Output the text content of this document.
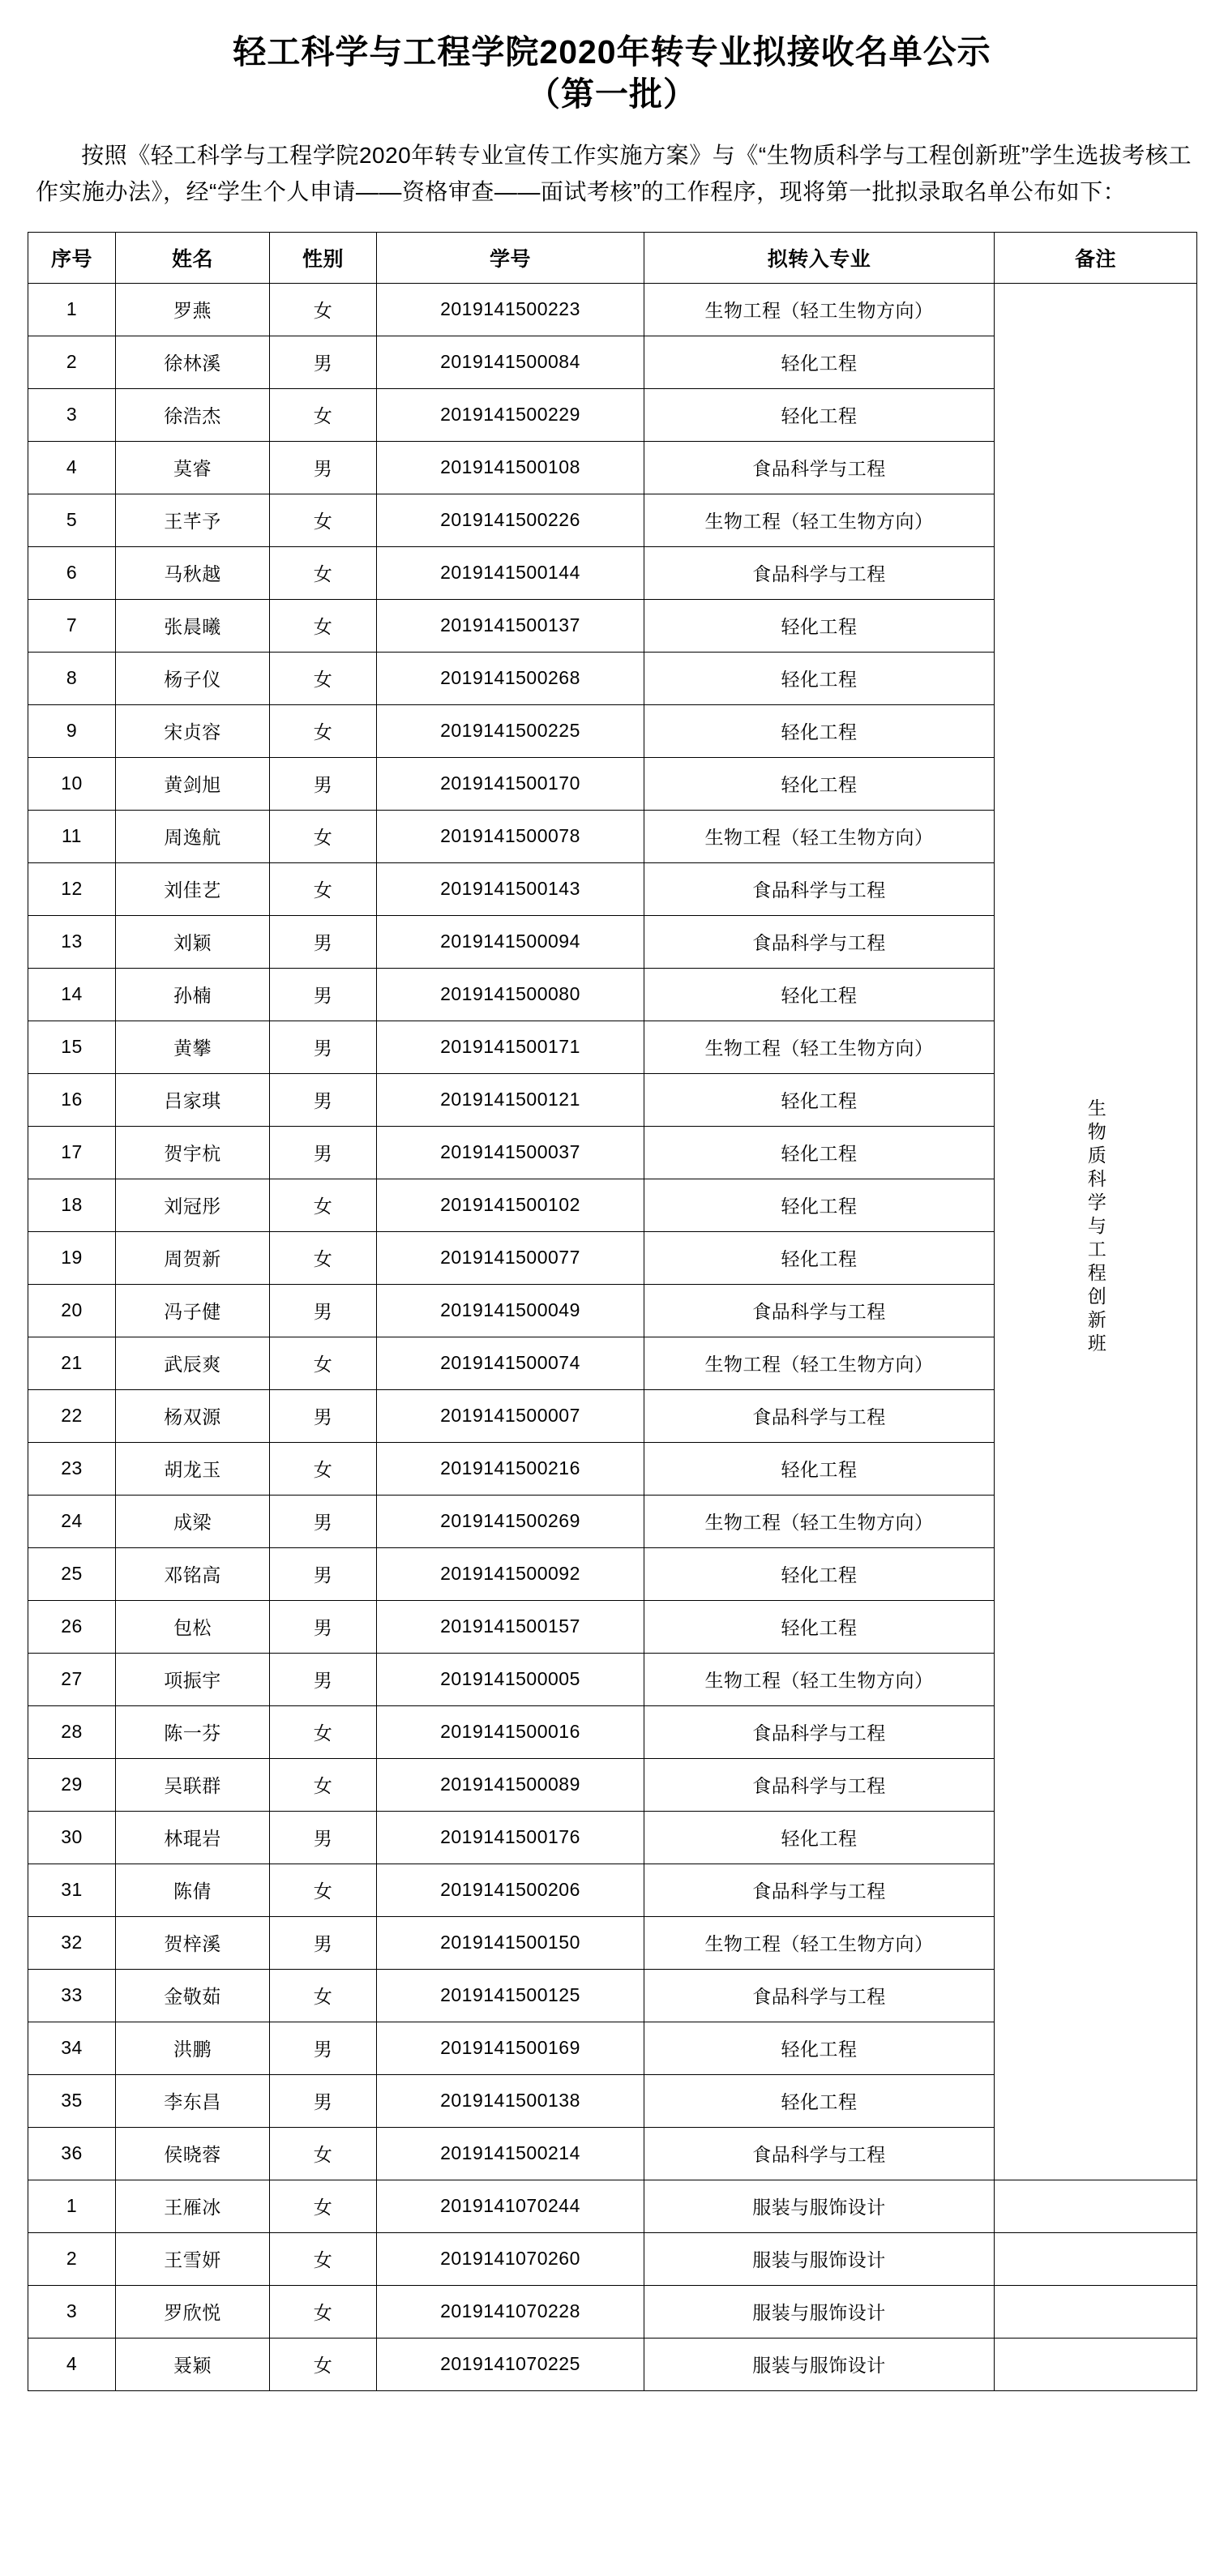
轻工科学与工程学院2020年转专业拟接收名单公示
（第一批）

按照《轻工科学与工程学院2020年转专业宣传工作实施方案》与《“生物质科学与工程创新班”学生选拔考核工作实施办法》，经“学生个人申请——资格审查——面试考核”的工作程序，现将第一批拟录取名单公布如下：

序号	姓名	性别	学号	拟转入专业	备注
1	罗燕	女	2019141500223	生物工程（轻工生物方向）	生物质科学与工程创新班
2	徐林溪	男	2019141500084	轻化工程	
3	徐浩杰	女	2019141500229	轻化工程	
4	莫睿	男	2019141500108	食品科学与工程	
5	王芊予	女	2019141500226	生物工程（轻工生物方向）	
6	马秋越	女	2019141500144	食品科学与工程	
7	张晨曦	女	2019141500137	轻化工程	
8	杨子仪	女	2019141500268	轻化工程	
9	宋贞容	女	2019141500225	轻化工程	
10	黄剑旭	男	2019141500170	轻化工程	
11	周逸航	女	2019141500078	生物工程（轻工生物方向）	
12	刘佳艺	女	2019141500143	食品科学与工程	
13	刘颖	男	2019141500094	食品科学与工程	
14	孙楠	男	2019141500080	轻化工程	
15	黄攀	男	2019141500171	生物工程（轻工生物方向）	
16	吕家琪	男	2019141500121	轻化工程	
17	贺宇杭	男	2019141500037	轻化工程	
18	刘冠彤	女	2019141500102	轻化工程	
19	周贺新	女	2019141500077	轻化工程	
20	冯子健	男	2019141500049	食品科学与工程	
21	武辰爽	女	2019141500074	生物工程（轻工生物方向）	
22	杨双源	男	2019141500007	食品科学与工程	
23	胡龙玉	女	2019141500216	轻化工程	
24	成梁	男	2019141500269	生物工程（轻工生物方向）	
25	邓铭高	男	2019141500092	轻化工程	
26	包松	男	2019141500157	轻化工程	
27	项振宇	男	2019141500005	生物工程（轻工生物方向）	
28	陈一芬	女	2019141500016	食品科学与工程	
29	吴联群	女	2019141500089	食品科学与工程	
30	林琨岩	男	2019141500176	轻化工程	
31	陈倩	女	2019141500206	食品科学与工程	
32	贺梓溪	男	2019141500150	生物工程（轻工生物方向）	
33	金敬茹	女	2019141500125	食品科学与工程	
34	洪鹏	男	2019141500169	轻化工程	
35	李东昌	男	2019141500138	轻化工程	
36	侯晓蓉	女	2019141500214	食品科学与工程	
1	王雁冰	女	2019141070244	服装与服饰设计	
2	王雪妍	女	2019141070260	服装与服饰设计	
3	罗欣悦	女	2019141070228	服装与服饰设计	
4	聂颖	女	2019141070225	服装与服饰设计	
